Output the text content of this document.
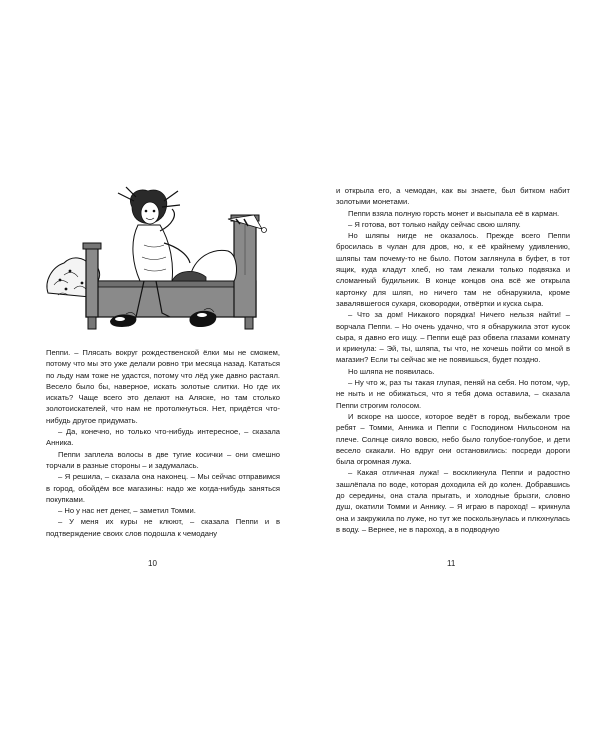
Пеппи. – Плясать вокруг рождественской ёлки мы не сможем, потому что мы это уже делали ровно три месяца назад. Кататься по льду нам тоже не удастся, потому что лёд уже давно растаял. Весело было бы, наверное, искать золотые слитки. Но где их искать? Чаще всего это делают на Аляске, но там столько золотоискателей, что нам не протолкнуться. Нет, придётся что-нибудь другое придумать.

– Да, конечно, но только что-нибудь интересное, – сказала Анника.

Пеппи заплела волосы в две тугие косички – они смешно торчали в разные стороны – и задумалась.

– Я решила, – сказала она наконец. – Мы сейчас отправимся в город, обойдём все магазины: надо же когда-нибудь заняться покупками.

– Но у нас нет денег, – заметил Томми.

– У меня их куры не клюют, – сказала Пеппи и в подтверждение своих слов подошла к чемодану

10

и открыла его, а чемодан, как вы знаете, был битком набит золотыми монетами.

Пеппи взяла полную горсть монет и высыпала её в карман.

– Я готова, вот только найду сейчас свою шляпу.

Но шляпы нигде не оказалось. Прежде всего Пеппи бросилась в чулан для дров, но, к её крайнему удивлению, шляпы там почему-то не было. Потом заглянула в буфет, в тот ящик, куда кладут хлеб, но там лежали только подвязка и сломанный будильник. В конце концов она всё же открыла картонку для шляп, но ничего там не обнаружила, кроме завалявшегося сухаря, сковородки, отвёртки и куска сыра.

– Что за дом! Никакого порядка! Ничего нельзя найти! – ворчала Пеппи. – Но очень удачно, что я обнаружила этот кусок сыра, я давно его ищу. – Пеппи ещё раз обвела глазами комнату и крикнула: – Эй, ты, шляпа, ты что, не хочешь пойти со мной в магазин? Если ты сейчас же не появишься, будет поздно.

Но шляпа не появилась.

– Ну что ж, раз ты такая глупая, пеняй на себя. Но потом, чур, не ныть и не обижаться, что я тебя дома оставила, – сказала Пеппи строгим голосом.

И вскоре на шоссе, которое ведёт в город, выбежали трое ребят – Томми, Анника и Пеппи с Господином Нильсоном на плече. Солнце сияло вовсю, небо было голубое-голубое, и дети весело скакали. Но вдруг они остановились: посреди дороги была огромная лужа.

– Какая отличная лужа! – воскликнула Пеппи и радостно зашлёпала по воде, которая доходила ей до колен. Добравшись до середины, она стала прыгать, и холодные брызги, словно душ, окатили Томми и Аннику. – Я играю в пароход! – крикнула она и закружила по луже, но тут же поскользнулась и плюхнулась в воду. – Вернее, не в пароход, а в подводную

11
